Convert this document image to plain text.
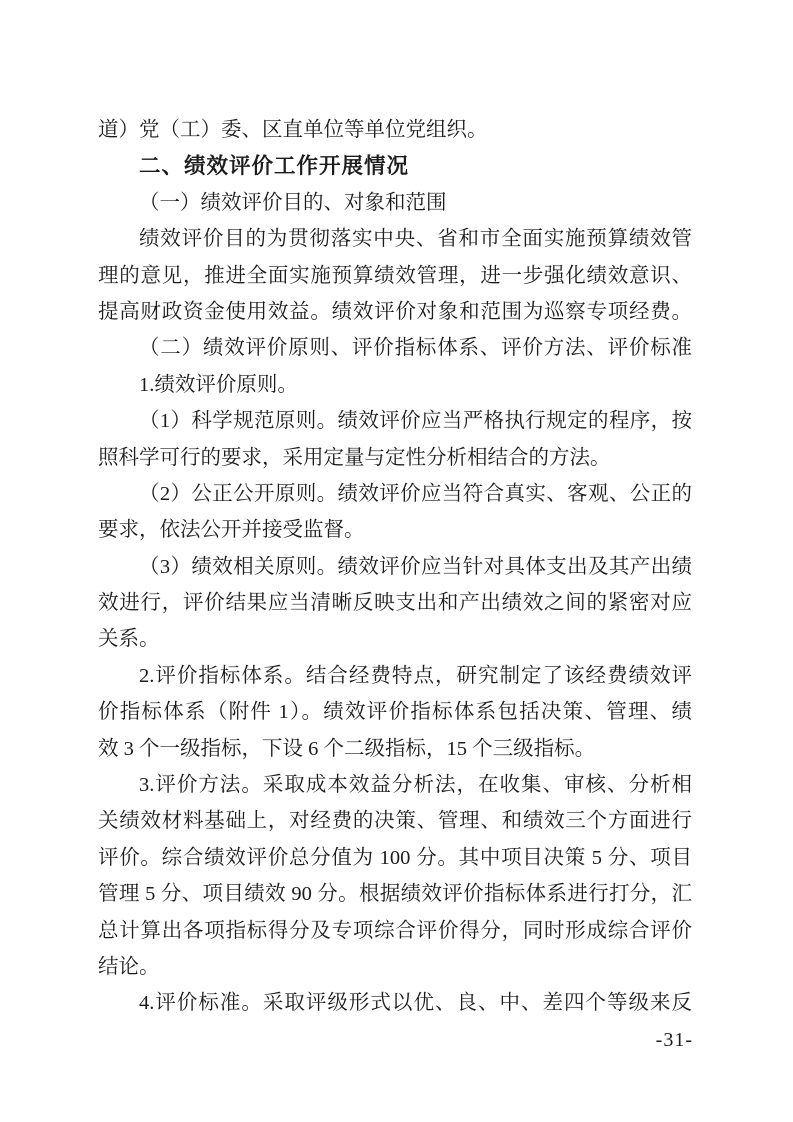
道）党（工）委、区直单位等单位党组织。
二、绩效评价工作开展情况
（一）绩效评价目的、对象和范围
绩效评价目的为贯彻落实中央、省和市全面实施预算绩效管
理的意见，推进全面实施预算绩效管理，进一步强化绩效意识、
提高财政资金使用效益。绩效评价对象和范围为巡察专项经费。
（二）绩效评价原则、评价指标体系、评价方法、评价标准
1.绩效评价原则。
（1）科学规范原则。绩效评价应当严格执行规定的程序，按
照科学可行的要求，采用定量与定性分析相结合的方法。
（2）公正公开原则。绩效评价应当符合真实、客观、公正的
要求，依法公开并接受监督。
（3）绩效相关原则。绩效评价应当针对具体支出及其产出绩
效进行，评价结果应当清晰反映支出和产出绩效之间的紧密对应
关系。
2.评价指标体系。结合经费特点，研究制定了该经费绩效评
价指标体系（附件 1）。绩效评价指标体系包括决策、管理、绩
效 3 个一级指标，下设 6 个二级指标，15 个三级指标。
3.评价方法。采取成本效益分析法，在收集、审核、分析相
关绩效材料基础上，对经费的决策、管理、和绩效三个方面进行
评价。综合绩效评价总分值为 100 分。其中项目决策 5 分、项目
管理 5 分、项目绩效 90 分。根据绩效评价指标体系进行打分，汇
总计算出各项指标得分及专项综合评价得分，同时形成综合评价
结论。
4.评价标准。采取评级形式以优、良、中、差四个等级来反
-31-
